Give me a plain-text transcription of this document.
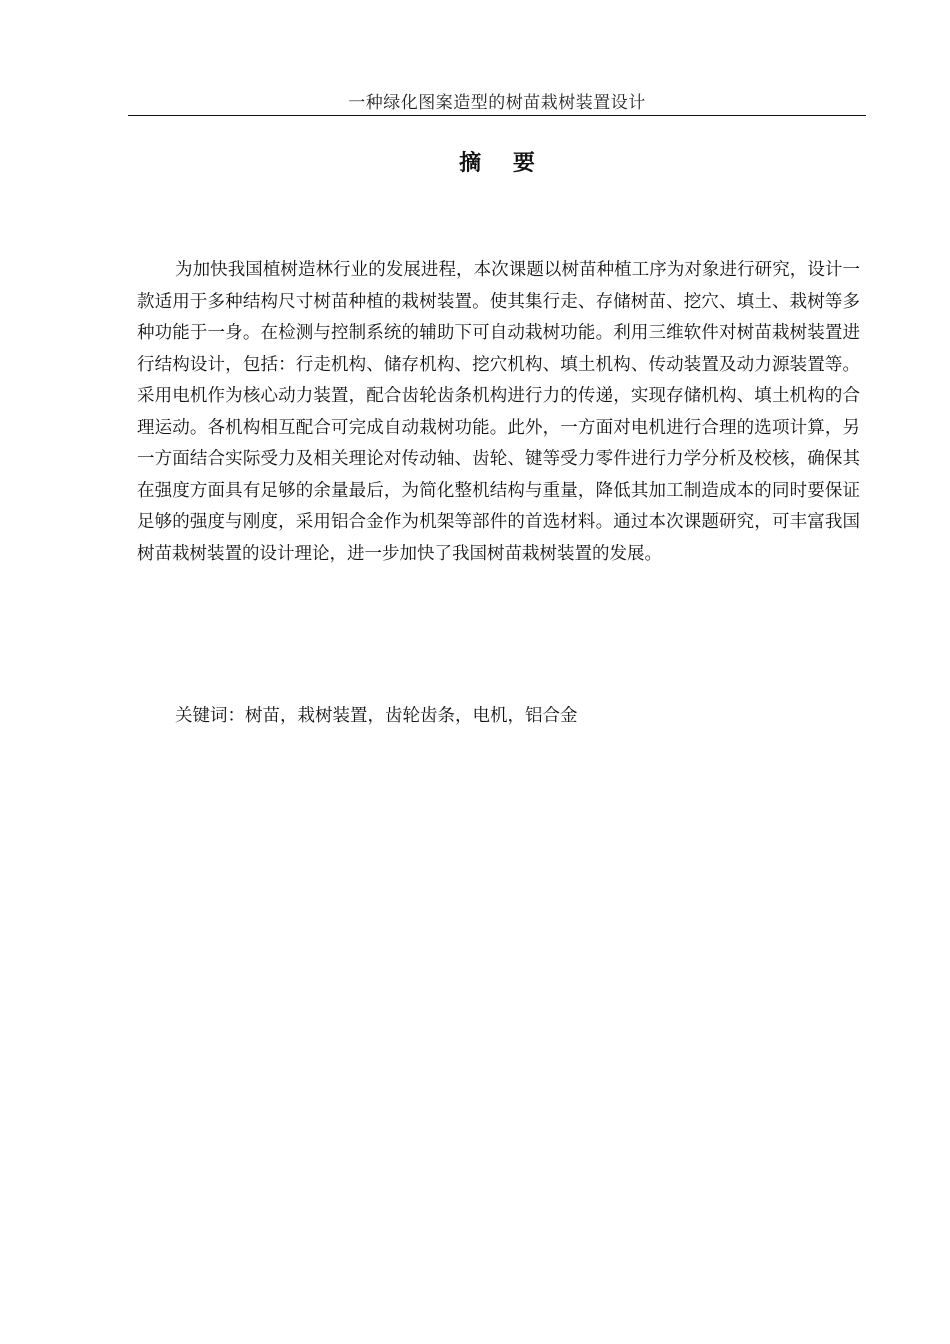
一种绿化图案造型的树苗栽树装置设计
摘 要

为加快我国植树造林行业的发展进程，本次课题以树苗种植工序为对象进行研究，设计一款适用于多种结构尺寸树苗种植的栽树装置。使其集行走、存储树苗、挖穴、填土、栽树等多种功能于一身。在检测与控制系统的辅助下可自动栽树功能。利用三维软件对树苗栽树装置进行结构设计，包括：行走机构、储存机构、挖穴机构、填土机构、传动装置及动力源装置等。采用电机作为核心动力装置，配合齿轮齿条机构进行力的传递，实现存储机构、填土机构的合理运动。各机构相互配合可完成自动栽树功能。此外，一方面对电机进行合理的选项计算，另一方面结合实际受力及相关理论对传动轴、齿轮、键等受力零件进行力学分析及校核，确保其在强度方面具有足够的余量最后，为简化整机结构与重量，降低其加工制造成本的同时要保证足够的强度与刚度，采用铝合金作为机架等部件的首选材料。通过本次课题研究，可丰富我国树苗栽树装置的设计理论，进一步加快了我国树苗栽树装置的发展。

关键词：树苗，栽树装置，齿轮齿条，电机，铝合金
